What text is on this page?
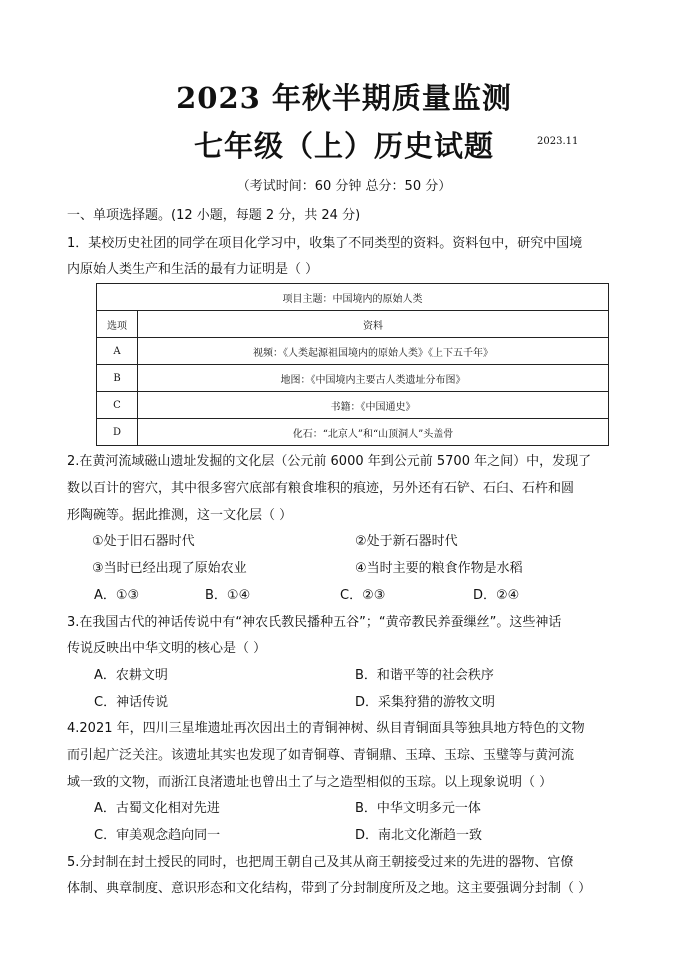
2023 年秋半期质量监测
七年级（上）历史试题	2023.11
（考试时间：60 分钟 总分：50 分）
一、单项选择题。(12 小题，每题 2 分，共 24 分)
1．某校历史社团的同学在项目化学习中，收集了不同类型的资料。资料包中，研究中国境
内原始人类生产和生活的最有力证明是（ ）
项目主题：中国境内的原始人类	
选项	资料
A	视频：《人类起源祖国境内的原始人类》《上下五千年》
B	地图：《中国境内主要古人类遗址分布图》
C	书籍：《中国通史》
D	化石：“北京人”和“山顶洞人”头盖骨
2.在黄河流域磁山遗址发掘的文化层（公元前 6000 年到公元前 5700 年之间）中，发现了
数以百计的窖穴，其中很多窖穴底部有粮食堆积的痕迹，另外还有石铲、石臼、石杵和圆
形陶碗等。据此推测，这一文化层（ ）
①处于旧石器时代	②处于新石器时代
③当时已经出现了原始农业	④当时主要的粮食作物是水稻
A．①③	B．①④	C．②③	D．②④
3.在我国古代的神话传说中有“神农氏教民播种五谷”；“黄帝教民养蚕缫丝”。这些神话
传说反映出中华文明的核心是（ ）
A．农耕文明	B．和谐平等的社会秩序
C．神话传说	D．采集狩猎的游牧文明
4.2021 年，四川三星堆遗址再次因出土的青铜神树、纵目青铜面具等独具地方特色的文物
而引起广泛关注。该遗址其实也发现了如青铜尊、青铜鼎、玉璋、玉琮、玉璧等与黄河流
域一致的文物，而浙江良渚遗址也曾出土了与之造型相似的玉琮。以上现象说明（ ）
A．古蜀文化相对先进	B．中华文明多元一体
C．审美观念趋向同一	D．南北文化渐趋一致
5.分封制在封土授民的同时，也把周王朝自己及其从商王朝接受过来的先进的器物、官僚
体制、典章制度、意识形态和文化结构，带到了分封制度所及之地。这主要强调分封制（ ）
